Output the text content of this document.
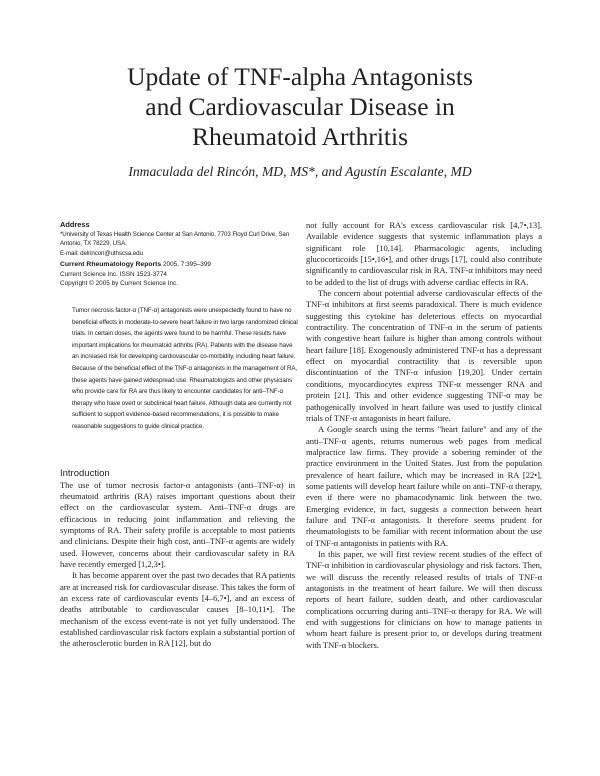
Update of TNF-alpha Antagonists
and Cardiovascular Disease in
Rheumatoid Arthritis
Inmaculada del Rincón, MD, MS*, and Agustín Escalante, MD
Address
*University of Texas Health Science Center at San Antonio, 7703 Floyd Curl Drive, San Antonio, TX 78229, USA.
E-mail: delrincon@uthscsa.edu
Current Rheumatology Reports 2005, 7:395–399
Current Science Inc. ISSN 1523-3774
Copyright © 2005 by Current Science Inc.

Tumor necrosis factor-α (TNF-α) antagonists were unexpectedly found to have no beneficial effects in moderate-to-severe heart failure in two large randomized clinical trials. In certain doses, the agents were found to be harmful. These results have important implications for rheumatoid arthritis (RA). Patients with the disease have an increased risk for developing cardiovascular co-morbidity, including heart failure. Because of the beneficial effect of the TNF-α antagonists in the management of RA, these agents have gained widespread use. Rheumatologists and other physicians who provide care for RA are thus likely to encounter candidates for anti–TNF-α therapy who have overt or subclinical heart failure. Although data are currently not sufficient to support evidence-based recommendations, it is possible to make reasonable suggestions to guide clinical practice.

Introduction

The use of tumor necrosis factor-α antagonists (anti–TNF-α) in rheumatoid arthritis (RA) raises important questions about their effect on the cardiovascular system. Anti–TNF-α drugs are efficacious in reducing joint inflammation and relieving the symptoms of RA. Their safety profile is acceptable to most patients and clinicians. Despite their high cost, anti–TNF-α agents are widely used. However, concerns about their cardiovascular safety in RA have recently emerged [1,2,3•].

It has become apparent over the past two decades that RA patients are at increased risk for cardiovascular disease. This takes the form of an excess rate of cardiovascular events [4–6,7•], and an excess of deaths attributable to cardiovascular causes [8–10,11•]. The mechanism of the excess event-rate is not yet fully understood. The established cardiovascular risk factors explain a substantial portion of the atherosclerotic burden in RA [12], but do

not fully account for RA's excess cardiovascular risk [4,7•,13]. Available evidence suggests that systemic inflammation plays a significant role [10,14]. Pharmacologic agents, including glucocorticoids [15•,16•], and other drugs [17], could also contribute significantly to cardiovascular risk in RA. TNF-α inhibitors may need to be added to the list of drugs with adverse cardiac effects in RA.

The concern about potential adverse cardiovascular effects of the TNF-α inhibitors at first seems paradoxical. There is much evidence suggesting this cytokine has deleterious effects on myocardial contractility. The concentration of TNF-α in the serum of patients with congestive heart failure is higher than among controls without heart failure [18]. Exogenously administered TNF-α has a depressant effect on myocardial contractility that is reversible upon discontinuation of the TNF-α infusion [19,20]. Under certain conditions, myocardiocytes express TNF-α messenger RNA and protein [21]. This and other evidence suggesting TNF-α may be pathogenically involved in heart failure was used to justify clinical trials of TNF-α antagonists in heart failure.

A Google search using the terms "heart failure" and any of the anti–TNF-α agents, returns numerous web pages from medical malpractice law firms. They provide a sobering reminder of the practice environment in the United States. Just from the population prevalence of heart failure, which may be increased in RA [22•], some patients will develop heart failure while on anti–TNF-α therapy, even if there were no phamacodynamic link between the two. Emerging evidence, in fact, suggests a connection between heart failure and TNF-α antagonists. It therefore seems prudent for rheumatologists to be familiar with recent information about the use of TNF-α antagonists in patients with RA.

In this paper, we will first review recent studies of the effect of TNF-α inhibition in cardiovascular physiology and risk factors. Then, we will discuss the recently released results of trials of TNF-α antagonists in the treatment of heart failure. We will then discuss reports of heart failure, sudden death, and other cardiovascular complications occurring during anti–TNF-α therapy for RA. We will end with suggestions for clinicians on how to manage patients in whom heart failure is present prior to, or develops during treatment with TNF-α blockers.
